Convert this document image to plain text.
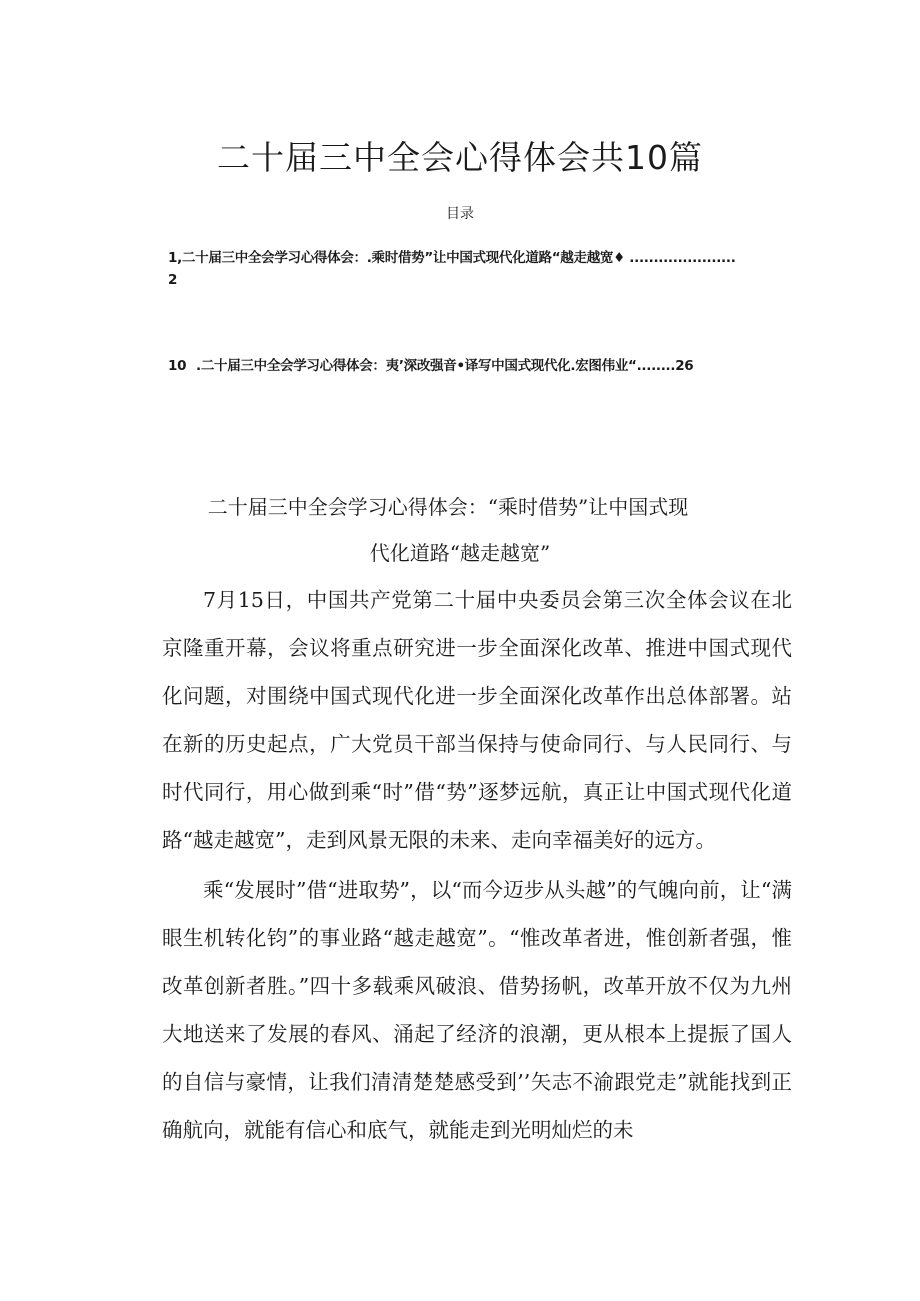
二十届三中全会心得体会共10篇
目录
1,二十届三中全会学习心得体会：.乘时借势”让中国式现代化道路“越走越宽♦ ......................
2
10 .二十届三中全会学习心得体会：夷’深改强音•译写中国式现代化.宏图伟业“........26
二十届三中全会学习心得体会：“乘时借势”让中国式现
代化道路“越走越宽”

7月15日，中国共产党第二十届中央委员会第三次全体会议在北京隆重开幕，会议将重点研究进一步全面深化改革、推进中国式现代化问题，对围绕中国式现代化进一步全面深化改革作出总体部署。站在新的历史起点，广大党员干部当保持与使命同行、与人民同行、与时代同行，用心做到乘“时”借“势”逐梦远航，真正让中国式现代化道路“越走越宽”，走到风景无限的未来、走向幸福美好的远方。

乘“发展时”借“进取势”，以“而今迈步从头越”的气魄向前，让“满眼生机转化钧”的事业路“越走越宽”。“惟改革者进，惟创新者强，惟改革创新者胜。”四十多载乘风破浪、借势扬帆，改革开放不仅为九州大地送来了发展的春风、涌起了经济的浪潮，更从根本上提振了国人的自信与豪情，让我们清清楚楚感受到’’矢志不渝跟党走”就能找到正确航向，就能有信心和底气，就能走到光明灿烂的未
